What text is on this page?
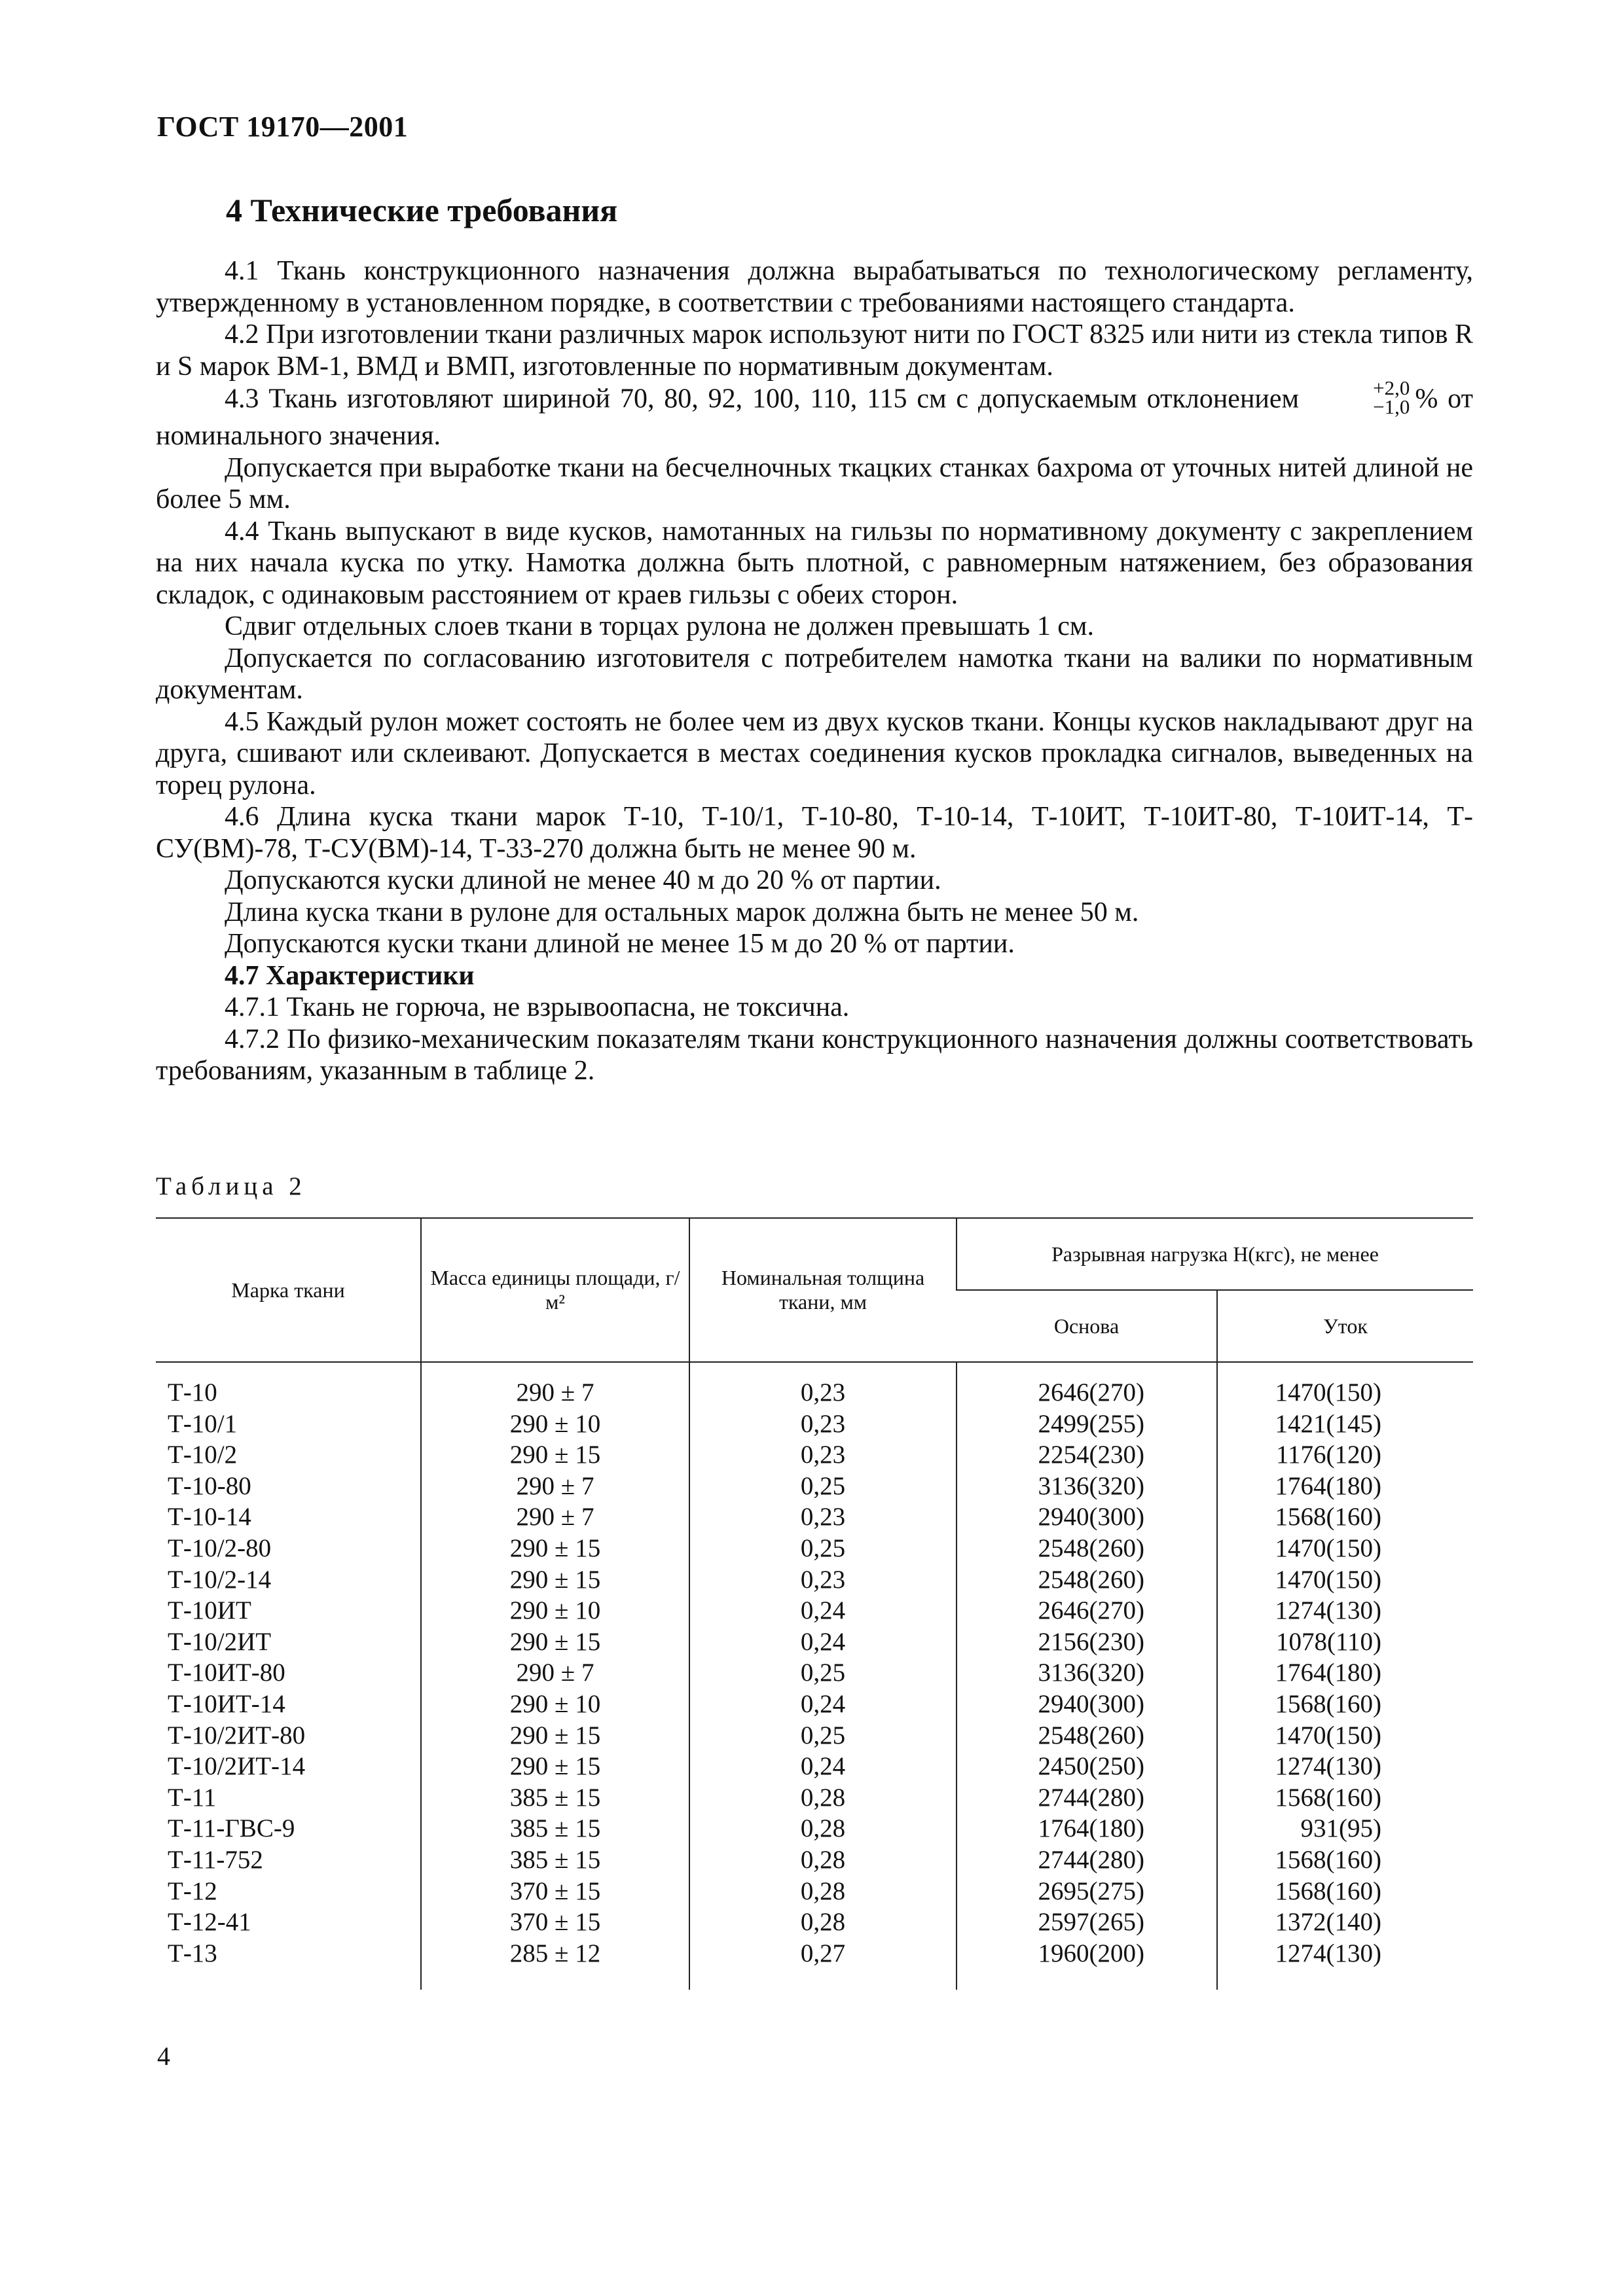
ГОСТ 19170—2001
4 Технические требования

4.1 Ткань конструкционного назначения должна вырабатываться по технологическому регламенту, утвержденному в установленном порядке, в соответствии с требованиями настоящего стандарта.

4.2 При изготовлении ткани различных марок используют нити по ГОСТ 8325 или нити из стекла типов R и S марок ВМ-1, ВМД и ВМП, изготовленные по нормативным документам.

4.3 Ткань изготовляют шириной 70, 80, 92, 100, 110, 115 см с допускаемым отклонением	+2,0
−1,0 % от номинального значения.

Допускается при выработке ткани на бесчелночных ткацких станках бахрома от уточных нитей длиной не более 5 мм.

4.4 Ткань выпускают в виде кусков, намотанных на гильзы по нормативному документу с закреплением на них начала куска по утку. Намотка должна быть плотной, с равномерным натяжением, без образования складок, с одинаковым расстоянием от краев гильзы с обеих сторон.

Сдвиг отдельных слоев ткани в торцах рулона не должен превышать 1 см.

Допускается по согласованию изготовителя с потребителем намотка ткани на валики по нормативным документам.

4.5 Каждый рулон может состоять не более чем из двух кусков ткани. Концы кусков накладывают друг на друга, сшивают или склеивают. Допускается в местах соединения кусков прокладка сигналов, выведенных на торец рулона.

4.6 Длина куска ткани марок Т-10, Т-10/1, Т-10-80, Т-10-14, Т-10ИТ, Т-10ИТ-80, Т-10ИТ-14, Т-СУ(ВМ)-78, Т-СУ(ВМ)-14, Т-33-270 должна быть не менее 90 м.

Допускаются куски длиной не менее 40 м до 20 % от партии.

Длина куска ткани в рулоне для остальных марок должна быть не менее 50 м.

Допускаются куски ткани длиной не менее 15 м до 20 % от партии.

4.7 Характеристики

4.7.1 Ткань не горюча, не взрывоопасна, не токсична.

4.7.2 По физико-механическим показателям ткани конструкционного назначения должны соответствовать требованиям, указанным в таблице 2.

Таблица 2
Марка ткани	Масса единицы площади, г/м²	Номинальная толщина ткани, мм	Разрывная нагрузка Н(кгс), не менее	
			Основа	Уток
Т-10	290 ± 7	0,23	2646(270)	1470(150)
Т-10/1	290 ± 10	0,23	2499(255)	1421(145)
Т-10/2	290 ± 15	0,23	2254(230)	1176(120)
Т-10-80	290 ± 7	0,25	3136(320)	1764(180)
Т-10-14	290 ± 7	0,23	2940(300)	1568(160)
Т-10/2-80	290 ± 15	0,25	2548(260)	1470(150)
Т-10/2-14	290 ± 15	0,23	2548(260)	1470(150)
Т-10ИТ	290 ± 10	0,24	2646(270)	1274(130)
Т-10/2ИТ	290 ± 15	0,24	2156(230)	1078(110)
Т-10ИТ-80	290 ± 7	0,25	3136(320)	1764(180)
Т-10ИТ-14	290 ± 10	0,24	2940(300)	1568(160)
Т-10/2ИТ-80	290 ± 15	0,25	2548(260)	1470(150)
Т-10/2ИТ-14	290 ± 15	0,24	2450(250)	1274(130)
Т-11	385 ± 15	0,28	2744(280)	1568(160)
Т-11-ГВС-9	385 ± 15	0,28	1764(180)	931(95)
Т-11-752	385 ± 15	0,28	2744(280)	1568(160)
Т-12	370 ± 15	0,28	2695(275)	1568(160)
Т-12-41	370 ± 15	0,28	2597(265)	1372(140)
Т-13	285 ± 12	0,27	1960(200)	1274(130)
4
